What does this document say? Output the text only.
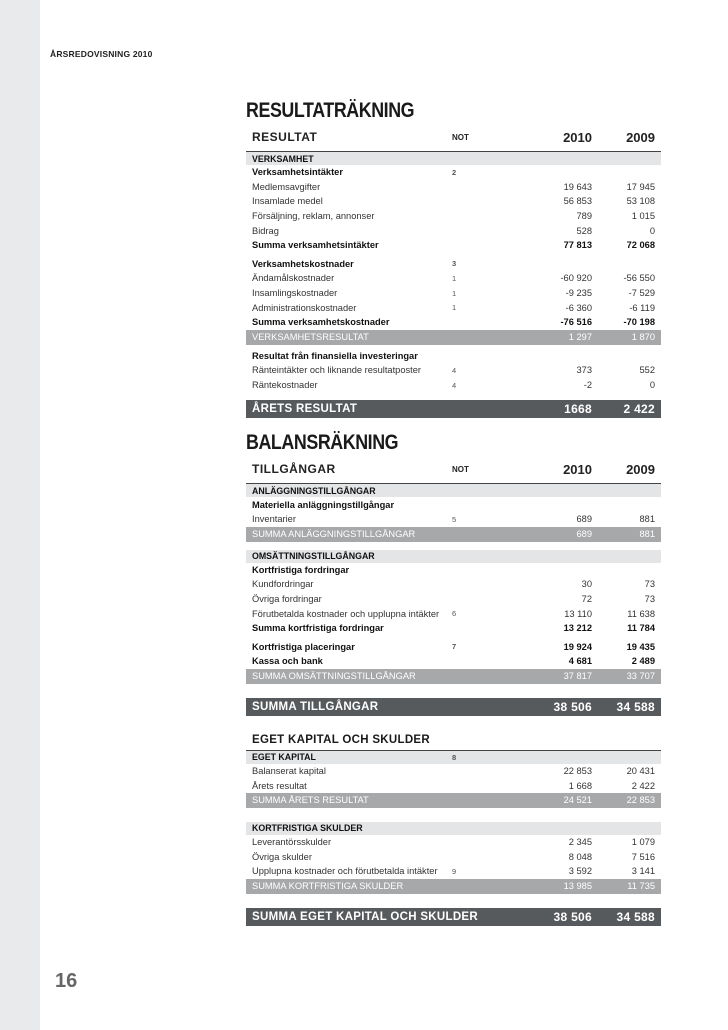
ÅRSREDOVISNING 2010
16
RESULTATRÄKNING
RESULTAT	NOT	2010	2009
VERKSAMHET
Verksamhetsintäkter	2
Medlemsavgifter	19 643	17 945
Insamlade medel	56 853	53 108
Försäljning, reklam, annonser	789	1 015
Bidrag	528	0
Summa verksamhetsintäkter	77 813	72 068
Verksamhetskostnader	3
Ändamålskostnader	1	-60 920	-56 550
Insamlingskostnader	1	-9 235	-7 529
Administrationskostnader	1	-6 360	-6 119
Summa verksamhetskostnader	-76 516	-70 198
VERKSAMHETSRESULTAT	1 297	1 870
Resultat från finansiella investeringar
Ränteintäkter och liknande resultatposter	4	373	552
Räntekostnader	4	-2	0
ÅRETS RESULTAT	1668	2 422
BALANSRÄKNING
TILLGÅNGAR	NOT	2010	2009
ANLÄGGNINGSTILLGÅNGAR
Materiella anläggningstillgångar
Inventarier	5	689	881
SUMMA ANLÄGGNINGSTILLGÅNGAR	689	881
OMSÄTTNINGSTILLGÅNGAR
Kortfristiga fordringar
Kundfordringar	30	73
Övriga fordringar	72	73
Förutbetalda kostnader och upplupna intäkter	6	13 110	11 638
Summa kortfristiga fordringar	13 212	11 784
Kortfristiga placeringar	7	19 924	19 435
Kassa och bank	4 681	2 489
SUMMA OMSÄTTNINGSTILLGÅNGAR	37 817	33 707
SUMMA TILLGÅNGAR	38 506	34 588
EGET KAPITAL OCH SKULDER
EGET KAPITAL	8
Balanserat kapital	22 853	20 431
Årets resultat	1 668	2 422
SUMMA ÅRETS RESULTAT	24 521	22 853
KORTFRISTIGA SKULDER
Leverantörsskulder	2 345	1 079
Övriga skulder	8 048	7 516
Upplupna kostnader och förutbetalda intäkter	9	3 592	3 141
SUMMA KORTFRISTIGA SKULDER	13 985	11 735
SUMMA EGET KAPITAL OCH SKULDER	38 506	34 588
